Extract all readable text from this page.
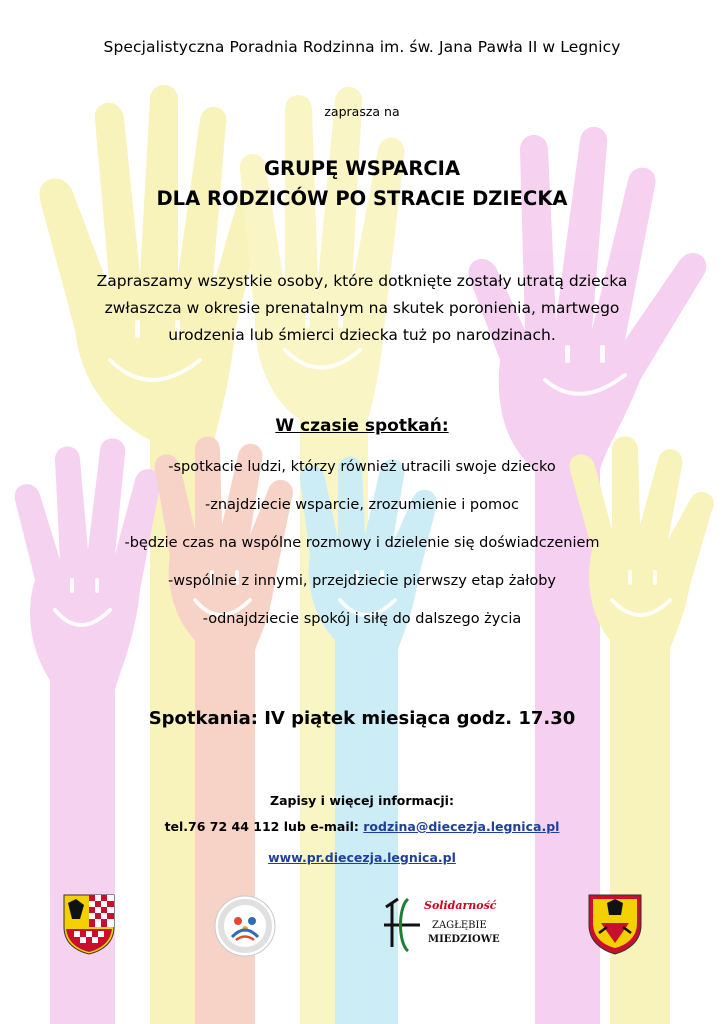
Specjalistyczna Poradnia Rodzinna im. św. Jana Pawła II w Legnicy
zaprasza na
GRUPĘ WSPARCIA
DLA RODZICÓW PO STRACIE DZIECKA
Zapraszamy wszystkie osoby, które dotknięte zostały utratą dziecka
zwłaszcza w okresie prenatalnym na skutek poronienia, martwego
urodzenia lub śmierci dziecka tuż po narodzinach.
W czasie spotkań:
-spotkacie ludzi, którzy również utracili swoje dziecko
-znajdziecie wsparcie, zrozumienie i pomoc
-będzie czas na wspólne rozmowy i dzielenie się doświadczeniem
-wspólnie z innymi, przejdziecie pierwszy etap żałoby
-odnajdziecie spokój i siłę do dalszego życia
Spotkania: IV piątek miesiąca godz. 17.30
Zapisy i więcej informacji:
tel.76 72 44 112 lub e-mail: rodzina@diecezja.legnica.pl
www.pr.diecezja.legnica.pl
Solidarność
ZAGŁĘBIE
MIEDZIOWE
